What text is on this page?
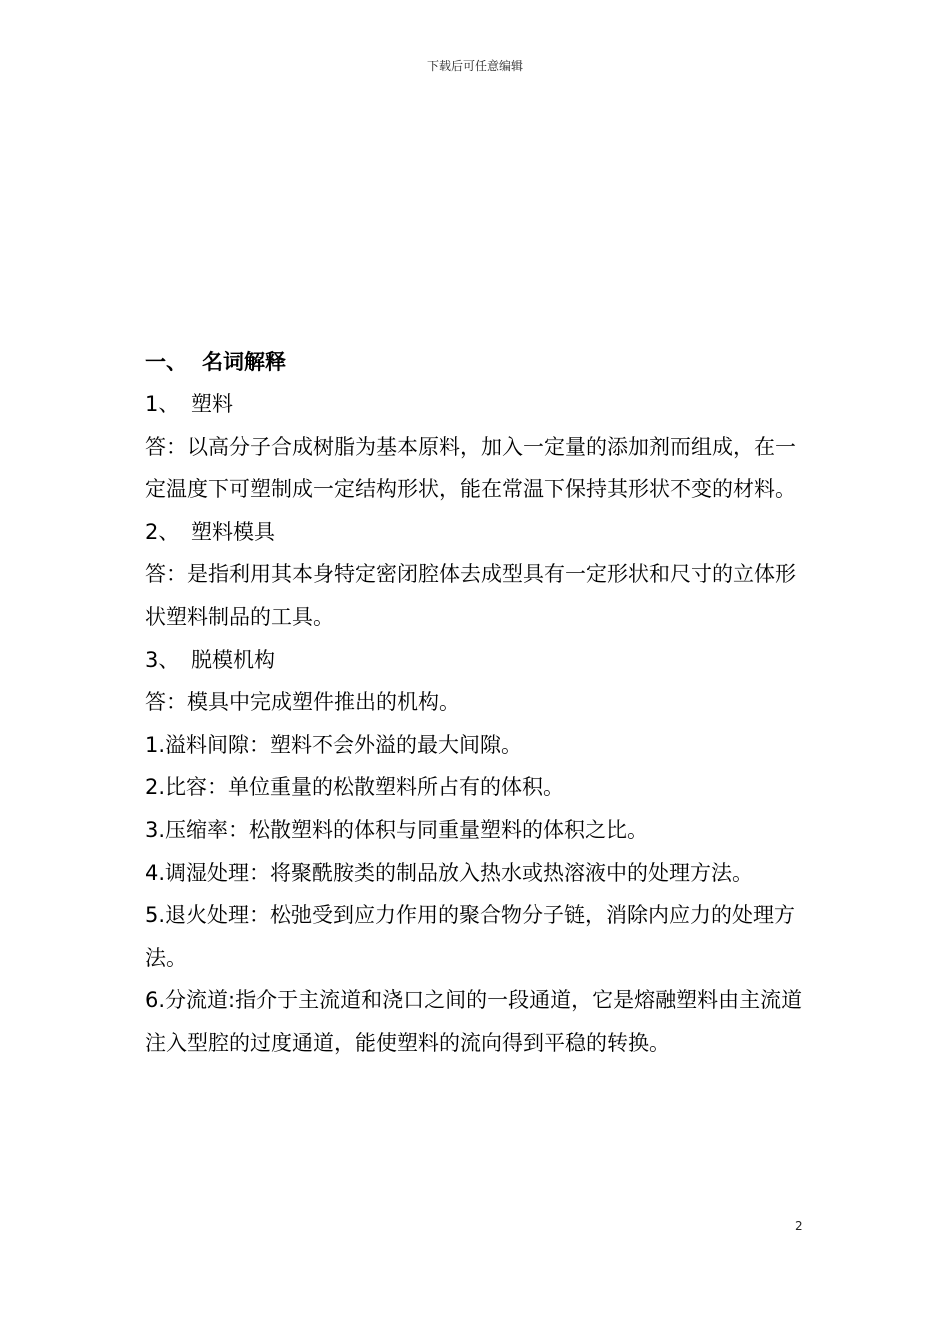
下载后可任意编辑
一、 名词解释
1、 塑料

答：以高分子合成树脂为基本原料，加入一定量的添加剂而组成，在一定温度下可塑制成一定结构形状，能在常温下保持其形状不变的材料。

2、 塑料模具

答：是指利用其本身特定密闭腔体去成型具有一定形状和尺寸的立体形状塑料制品的工具。

3、 脱模机构

答：模具中完成塑件推出的机构。

1.溢料间隙：塑料不会外溢的最大间隙。

2.比容：单位重量的松散塑料所占有的体积。

3.压缩率：松散塑料的体积与同重量塑料的体积之比。

4.调湿处理：将聚酰胺类的制品放入热水或热溶液中的处理方法。

5.退火处理：松弛受到应力作用的聚合物分子链，消除内应力的处理方法。

6.分流道:指介于主流道和浇口之间的一段通道，它是熔融塑料由主流道注入型腔的过度通道，能使塑料的流向得到平稳的转换。

2
